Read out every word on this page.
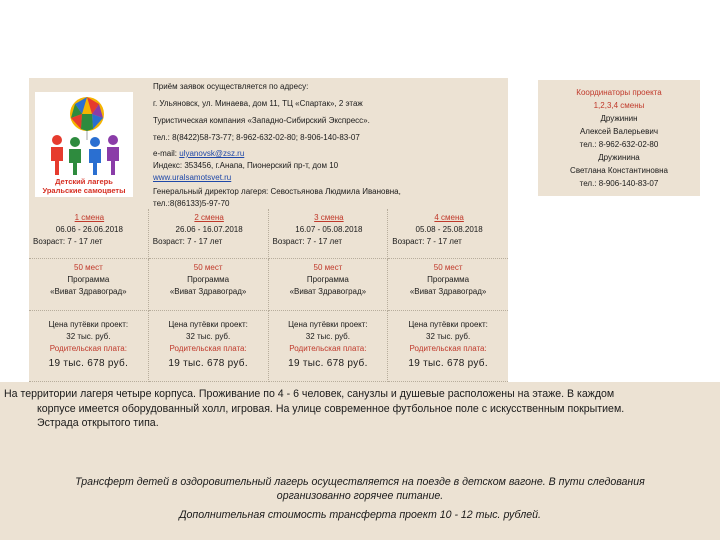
Детский лагерь
Уральские самоцветы
Приём заявок осуществляется по адресу:
г. Ульяновск, ул. Минаева, дом 11, ТЦ «Спартак», 2 этаж
Туристическая компания «Западно-Сибирский Экспресс».
тел.: 8(8422)58-73-77; 8-962-632-02-80; 8-906-140-83-07
e-mail: ulyanovsk@zsz.ru
Индекс: 353456, г.Анапа, Пионерский пр-т, дом 10
www.uralsamotsvet.ru
Генеральный директор лагеря: Севостьянова Людмила Ивановна,
тел.:8(86133)5-97-70
Координаторы проекта
1,2,3,4 смены
Дружинин
Алексей Валерьевич
тел.: 8-962-632-02-80
Дружинина
Светлана Константиновна
тел.: 8-906-140-83-07
1 смена
06.06 - 26.06.2018
Возраст: 7 - 17 лет
2 смена
26.06 - 16.07.2018
Возраст: 7 - 17 лет
3 смена
16.07 - 05.08.2018
Возраст: 7 - 17 лет
4 смена
05.08 - 25.08.2018
Возраст: 7 - 17 лет
50 мест
Программа
«Виват Здравоград»
50 мест
Программа
«Виват Здравоград»
50 мест
Программа
«Виват Здравоград»
50 мест
Программа
«Виват Здравоград»
Цена путёвки проект:
32 тыс. руб.
Родительская плата:
19 тыс. 678 руб.
Цена путёвки проект:
32 тыс. руб.
Родительская плата:
19 тыс. 678 руб.
Цена путёвки проект:
32 тыс. руб.
Родительская плата:
19 тыс. 678 руб.
Цена путёвки проект:
32 тыс. руб.
Родительская плата:
19 тыс. 678 руб.
На территории лагеря четыре корпуса. Проживание по 4 - 6 человек, санузлы и душевые расположены на этаже. В каждом
корпусе имеется оборудованный холл, игровая. На улице современное футбольное поле с искусственным покрытием.
Эстрада открытого типа.
Трансферт детей в оздоровительный лагерь осуществляется на поезде в детском вагоне. В пути следования
организованно горячее питание.
Дополнительная стоимость трансферта проект 10 - 12 тыс. рублей.
